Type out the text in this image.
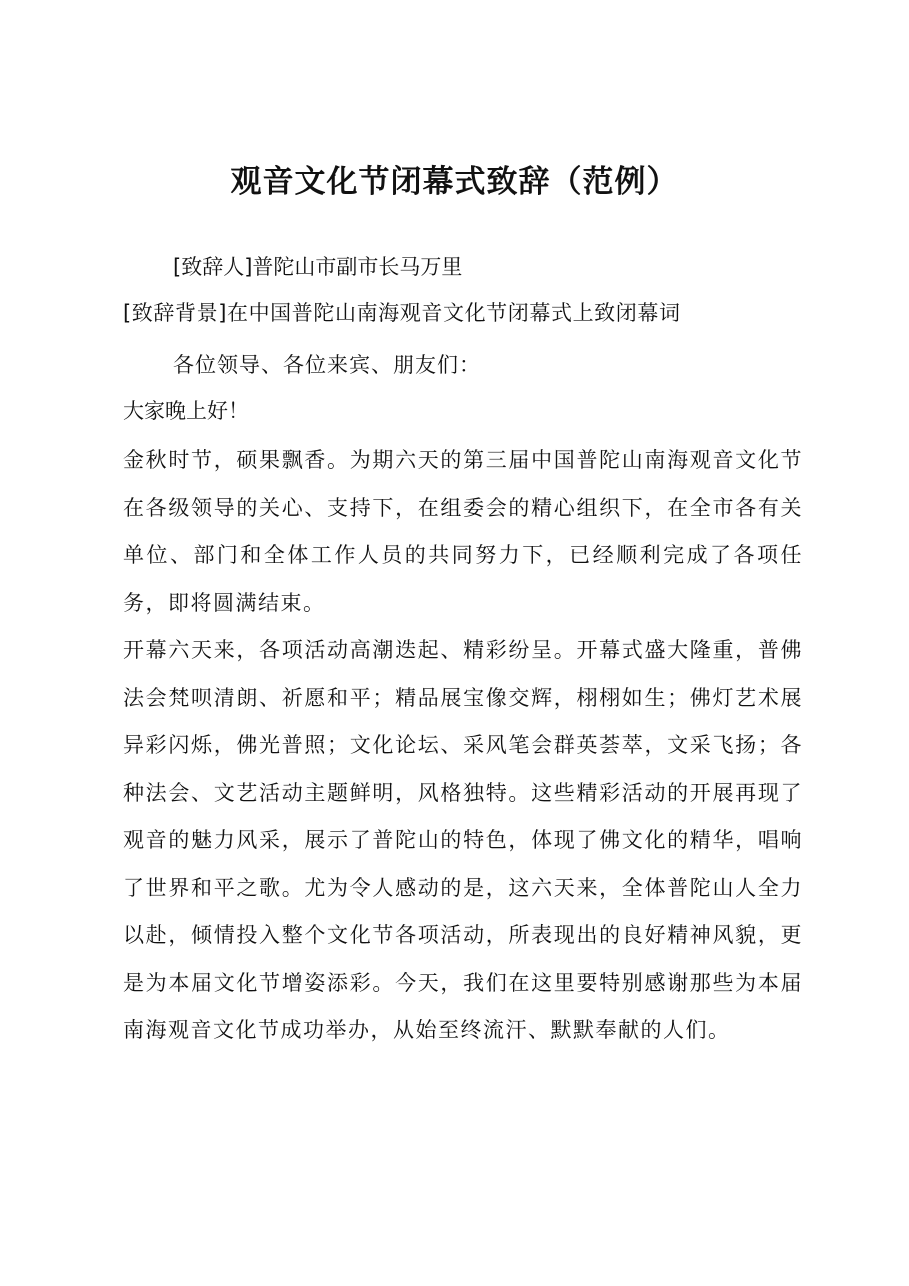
观音文化节闭幕式致辞（范例）
[致辞人]普陀山市副市长马万里
[致辞背景]在中国普陀山南海观音文化节闭幕式上致闭幕词
各位领导、各位来宾、朋友们：
大家晚上好！
金秋时节，硕果飘香。为期六天的第三届中国普陀山南海观音文化节在各级领导的关心、支持下，在组委会的精心组织下，在全市各有关单位、部门和全体工作人员的共同努力下，已经顺利完成了各项任务，即将圆满结束。
开幕六天来，各项活动高潮迭起、精彩纷呈。开幕式盛大隆重，普佛法会梵呗清朗、祈愿和平；精品展宝像交辉，栩栩如生；佛灯艺术展异彩闪烁，佛光普照；文化论坛、采风笔会群英荟萃，文采飞扬；各种法会、文艺活动主题鲜明，风格独特。这些精彩活动的开展再现了观音的魅力风采，展示了普陀山的特色，体现了佛文化的精华，唱响了世界和平之歌。尤为令人感动的是，这六天来，全体普陀山人全力以赴，倾情投入整个文化节各项活动，所表现出的良好精神风貌，更是为本届文化节增姿添彩。今天，我们在这里要特别感谢那些为本届南海观音文化节成功举办，从始至终流汗、默默奉献的人们。
